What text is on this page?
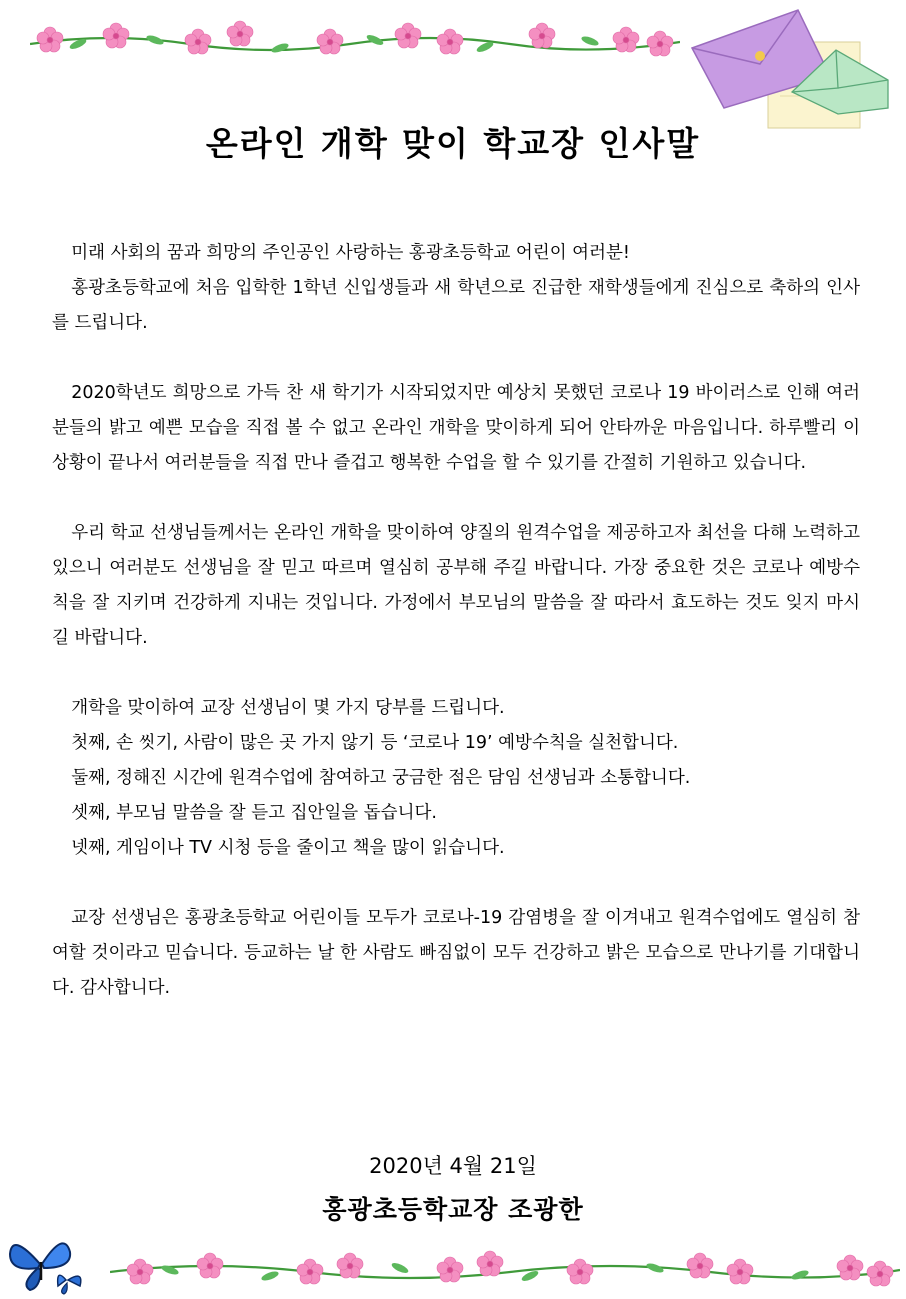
온라인 개학 맞이 학교장 인사말

미래 사회의 꿈과 희망의 주인공인 사랑하는 홍광초등학교 어린이 여러분!

홍광초등학교에 처음 입학한 1학년 신입생들과 새 학년으로 진급한 재학생들에게 진심으로 축하의 인사를 드립니다.

2020학년도 희망으로 가득 찬 새 학기가 시작되었지만 예상치 못했던 코로나 19 바이러스로 인해 여러분들의 밝고 예쁜 모습을 직접 볼 수 없고 온라인 개학을 맞이하게 되어 안타까운 마음입니다. 하루빨리 이 상황이 끝나서 여러분들을 직접 만나 즐겁고 행복한 수업을 할 수 있기를 간절히 기원하고 있습니다.

우리 학교 선생님들께서는 온라인 개학을 맞이하여 양질의 원격수업을 제공하고자 최선을 다해 노력하고 있으니 여러분도 선생님을 잘 믿고 따르며 열심히 공부해 주길 바랍니다. 가장 중요한 것은 코로나 예방수칙을 잘 지키며 건강하게 지내는 것입니다. 가정에서 부모님의 말씀을 잘 따라서 효도하는 것도 잊지 마시길 바랍니다.

개학을 맞이하여 교장 선생님이 몇 가지 당부를 드립니다.

첫째, 손 씻기, 사람이 많은 곳 가지 않기 등 ‘코로나 19’ 예방수칙을 실천합니다.

둘째, 정해진 시간에 원격수업에 참여하고 궁금한 점은 담임 선생님과 소통합니다.

셋째, 부모님 말씀을 잘 듣고 집안일을 돕습니다.

넷째, 게임이나 TV 시청 등을 줄이고 책을 많이 읽습니다.

교장 선생님은 홍광초등학교 어린이들 모두가 코로나-19 감염병을 잘 이겨내고 원격수업에도 열심히 참여할 것이라고 믿습니다. 등교하는 날 한 사람도 빠짐없이 모두 건강하고 밝은 모습으로 만나기를 기대합니다. 감사합니다.

2020년 4월 21일
홍광초등학교장 조광한
